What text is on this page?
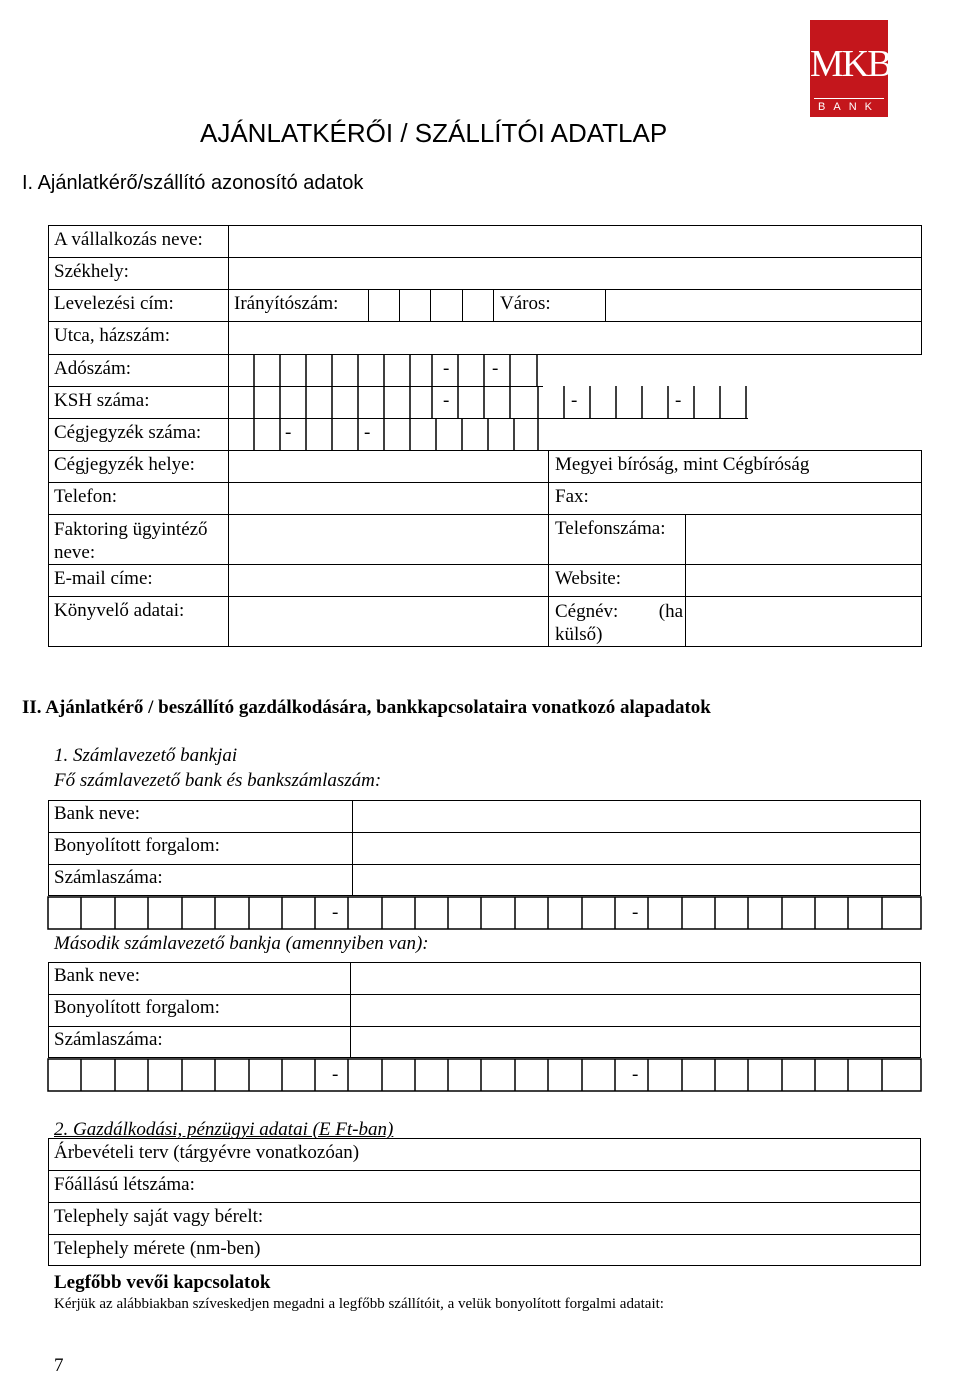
AJÁNLATKÉRŐI / SZÁLLÍTÓI ADATLAP
MKB
BANK
I. Ajánlatkérő/szállító azonosító adatok
A vállalkozás neve:
Székhely:
Levelezési cím:	Irányítószám:	Város:
Utca, házszám:
Adószám:	- -
KSH száma:	-	-	-
Cégjegyzék száma:	-	-
Cégjegyzék helye:	Megyei bíróság, mint Cégbíróság
Telefon:	Fax:
Faktoring ügyintéző neve:
Telefonszáma:
E-mail címe:	Website:
Könyvelő adatai:	Cégnév: (ha külső)
II. Ajánlatkérő / beszállító gazdálkodására, bankkapcsolataira vonatkozó alapadatok
1. Számlavezető bankjai
Fő számlavezető bank és bankszámlaszám:
Bank neve:
Bonyolított forgalom:
Számlaszáma:
-	-
Második számlavezető bankja (amennyiben van):
Bank neve:
Bonyolított forgalom:
Számlaszáma:
-	-
2. Gazdálkodási, pénzügyi adatai (E Ft-ban)
Árbevételi terv (tárgyévre vonatkozóan)
Főállású létszáma:
Telephely saját vagy bérelt:
Telephely mérete (nm-ben)
Legfőbb vevői kapcsolatok
Kérjük az alábbiakban szíveskedjen megadni a legfőbb szállítóit, a velük bonyolított forgalmi adatait:
7
